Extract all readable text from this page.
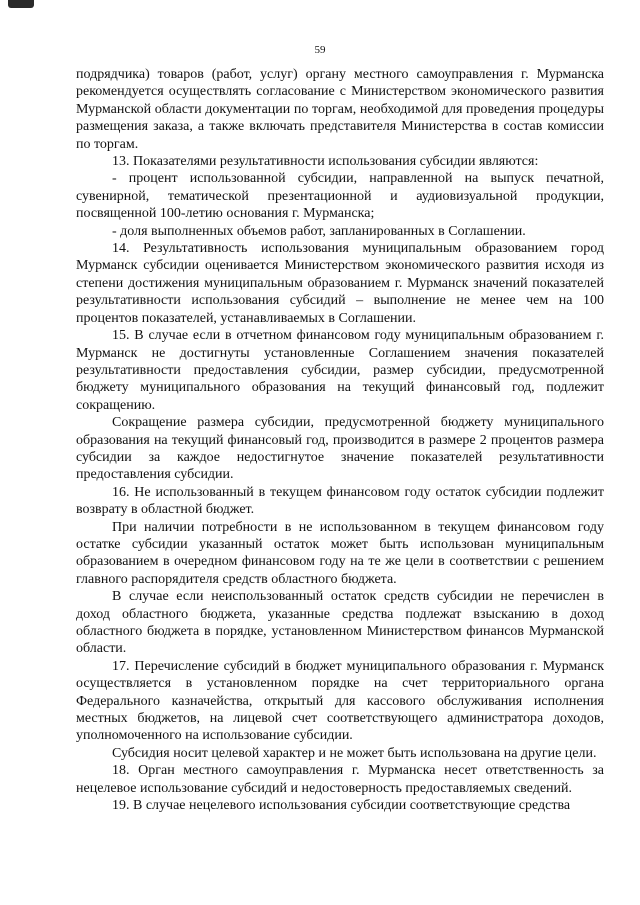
59

подрядчика) товаров (работ, услуг) органу местного самоуправления г. Мурманска рекомендуется осуществлять согласование с Министерством экономического развития Мурманской области документации по торгам, необходимой для проведения процедуры размещения заказа, а также включать представителя Министерства в состав комиссии по торгам.

13. Показателями результативности использования субсидии являются:

- процент использованной субсидии, направленной на выпуск печатной, сувенирной, тематической презентационной и аудиовизуальной продукции, посвященной 100-летию основания г. Мурманска;

- доля выполненных объемов работ, запланированных в Соглашении.

14. Результативность использования муниципальным образованием город Мурманск субсидии оценивается Министерством экономического развития исходя из степени достижения муниципальным образованием г. Мурманск значений показателей результативности использования субсидий – выполнение не менее чем на 100 процентов показателей, устанавливаемых в Соглашении.

15. В случае если в отчетном финансовом году муниципальным образованием г. Мурманск не достигнуты установленные Соглашением значения показателей результативности предоставления субсидии, размер субсидии, предусмотренной бюджету муниципального образования на текущий финансовый год, подлежит сокращению.

Сокращение размера субсидии, предусмотренной бюджету муниципального образования на текущий финансовый год, производится в размере 2 процентов размера субсидии за каждое недостигнутое значение показателей результативности предоставления субсидии.

16. Не использованный в текущем финансовом году остаток субсидии подлежит возврату в областной бюджет.

При наличии потребности в не использованном в текущем финансовом году остатке субсидии указанный остаток может быть использован муниципальным образованием в очередном финансовом году на те же цели в соответствии с решением главного распорядителя средств областного бюджета.

В случае если неиспользованный остаток средств субсидии не перечислен в доход областного бюджета, указанные средства подлежат взысканию в доход областного бюджета в порядке, установленном Министерством финансов Мурманской области.

17. Перечисление субсидий в бюджет муниципального образования г. Мурманск осуществляется в установленном порядке на счет территориального органа Федерального казначейства, открытый для кассового обслуживания исполнения местных бюджетов, на лицевой счет соответствующего администратора доходов, уполномоченного на использование субсидии.

Субсидия носит целевой характер и не может быть использована на другие цели.

18. Орган местного самоуправления г. Мурманска несет ответственность за нецелевое использование субсидий и недостоверность предоставляемых сведений.

19. В случае нецелевого использования субсидии соответствующие средства
